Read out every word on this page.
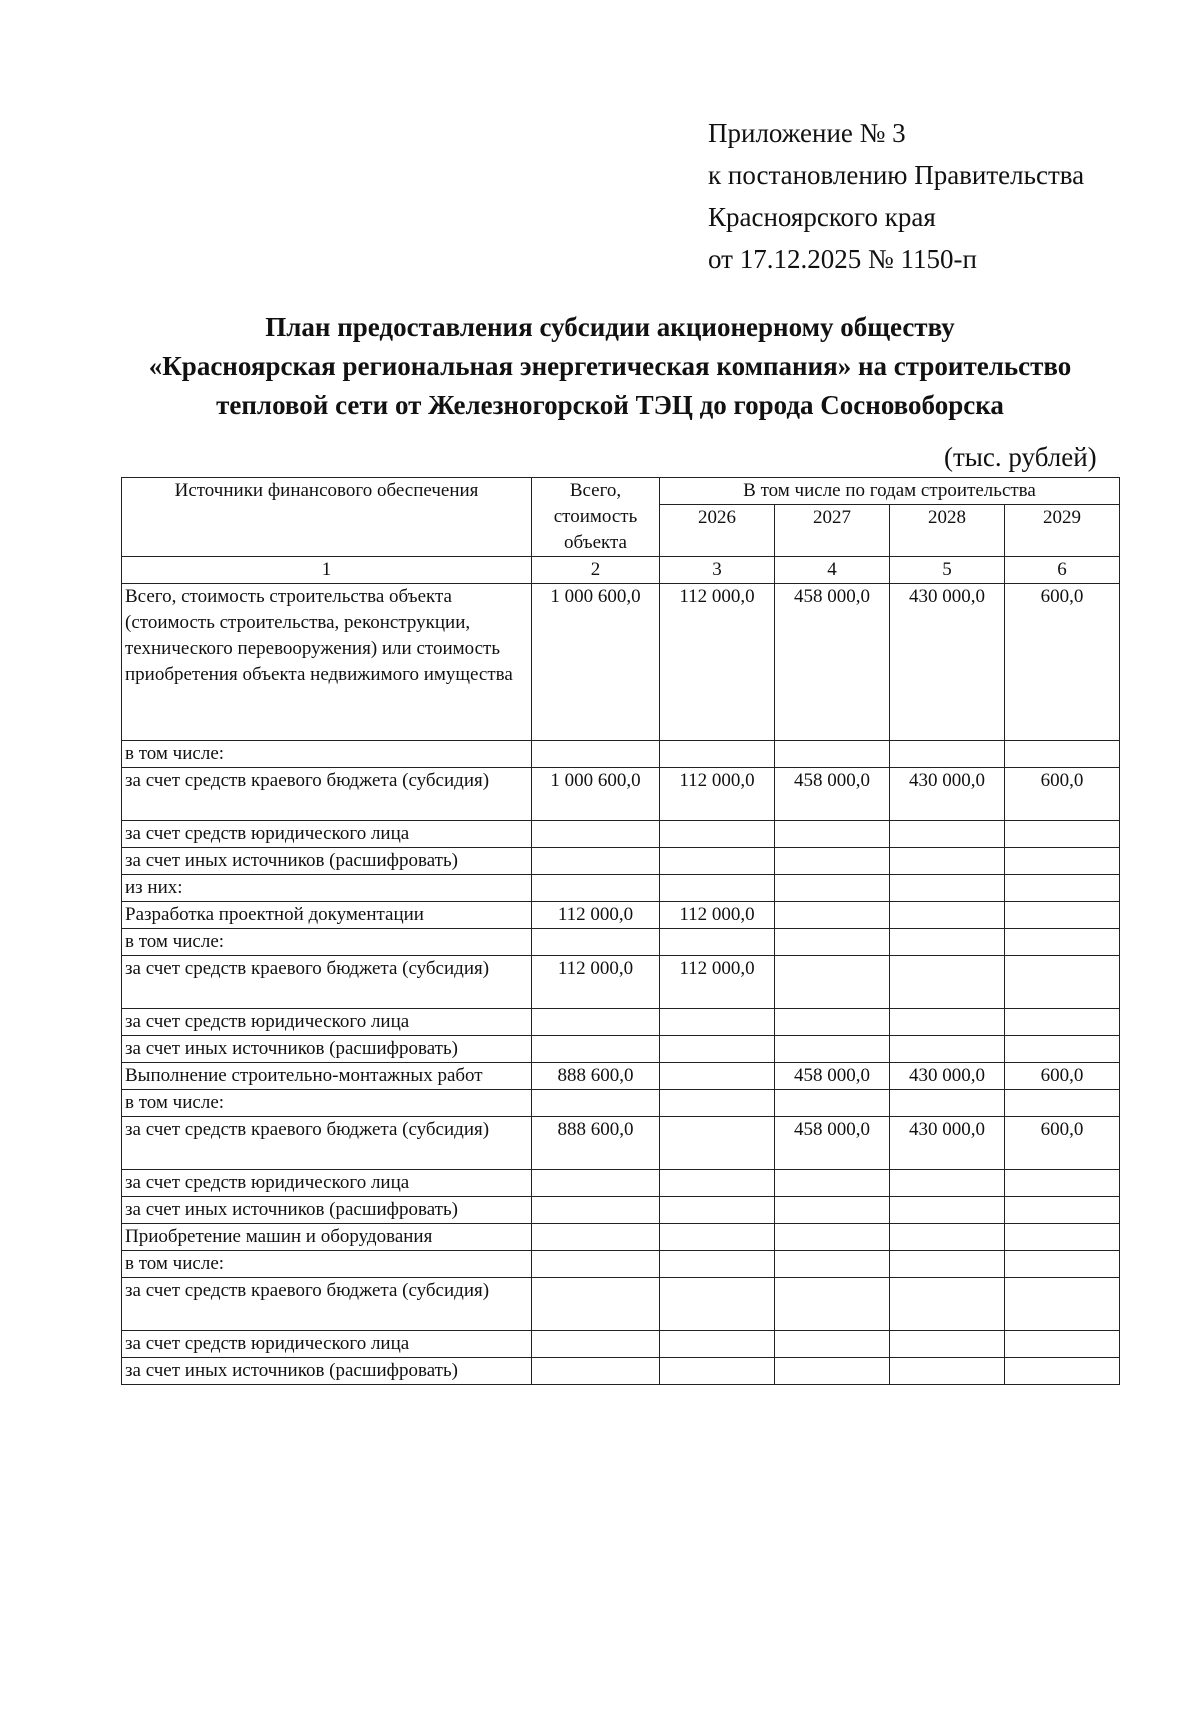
Приложение № 3
к постановлению Правительства
Красноярского края
от 17.12.2025 № 1150-п
План предоставления субсидии акционерному обществу
«Красноярская региональная энергетическая компания» на строительство
тепловой сети от Железногорской ТЭЦ до города Сосновоборска
(тыс. рублей)
Источники финансового обеспечения	Всего, стоимость объекта	В том числе по годам строительства			
		2026	2027	2028	2029

1	2	3	4	5	6
Всего, стоимость строительства объекта (стоимость строительства, реконструкции, технического перевооружения) или стоимость приобретения объекта недвижимого имущества	1 000 600,0	112 000,0	458 000,0	430 000,0	600,0
в том числе:					
за счет средств краевого бюджета (субсидия)	1 000 600,0	112 000,0	458 000,0	430 000,0	600,0
за счет средств юридического лица					
за счет иных источников (расшифровать)					
из них:					
Разработка проектной документации	112 000,0	112 000,0			
в том числе:					
за счет средств краевого бюджета (субсидия)	112 000,0	112 000,0			
за счет средств юридического лица					
за счет иных источников (расшифровать)					
Выполнение строительно-монтажных работ	888 600,0		458 000,0	430 000,0	600,0
в том числе:					
за счет средств краевого бюджета (субсидия)	888 600,0		458 000,0	430 000,0	600,0
за счет средств юридического лица					
за счет иных источников (расшифровать)					
Приобретение машин и оборудования					
в том числе:					
за счет средств краевого бюджета (субсидия)					
за счет средств юридического лица					
за счет иных источников (расшифровать)					
